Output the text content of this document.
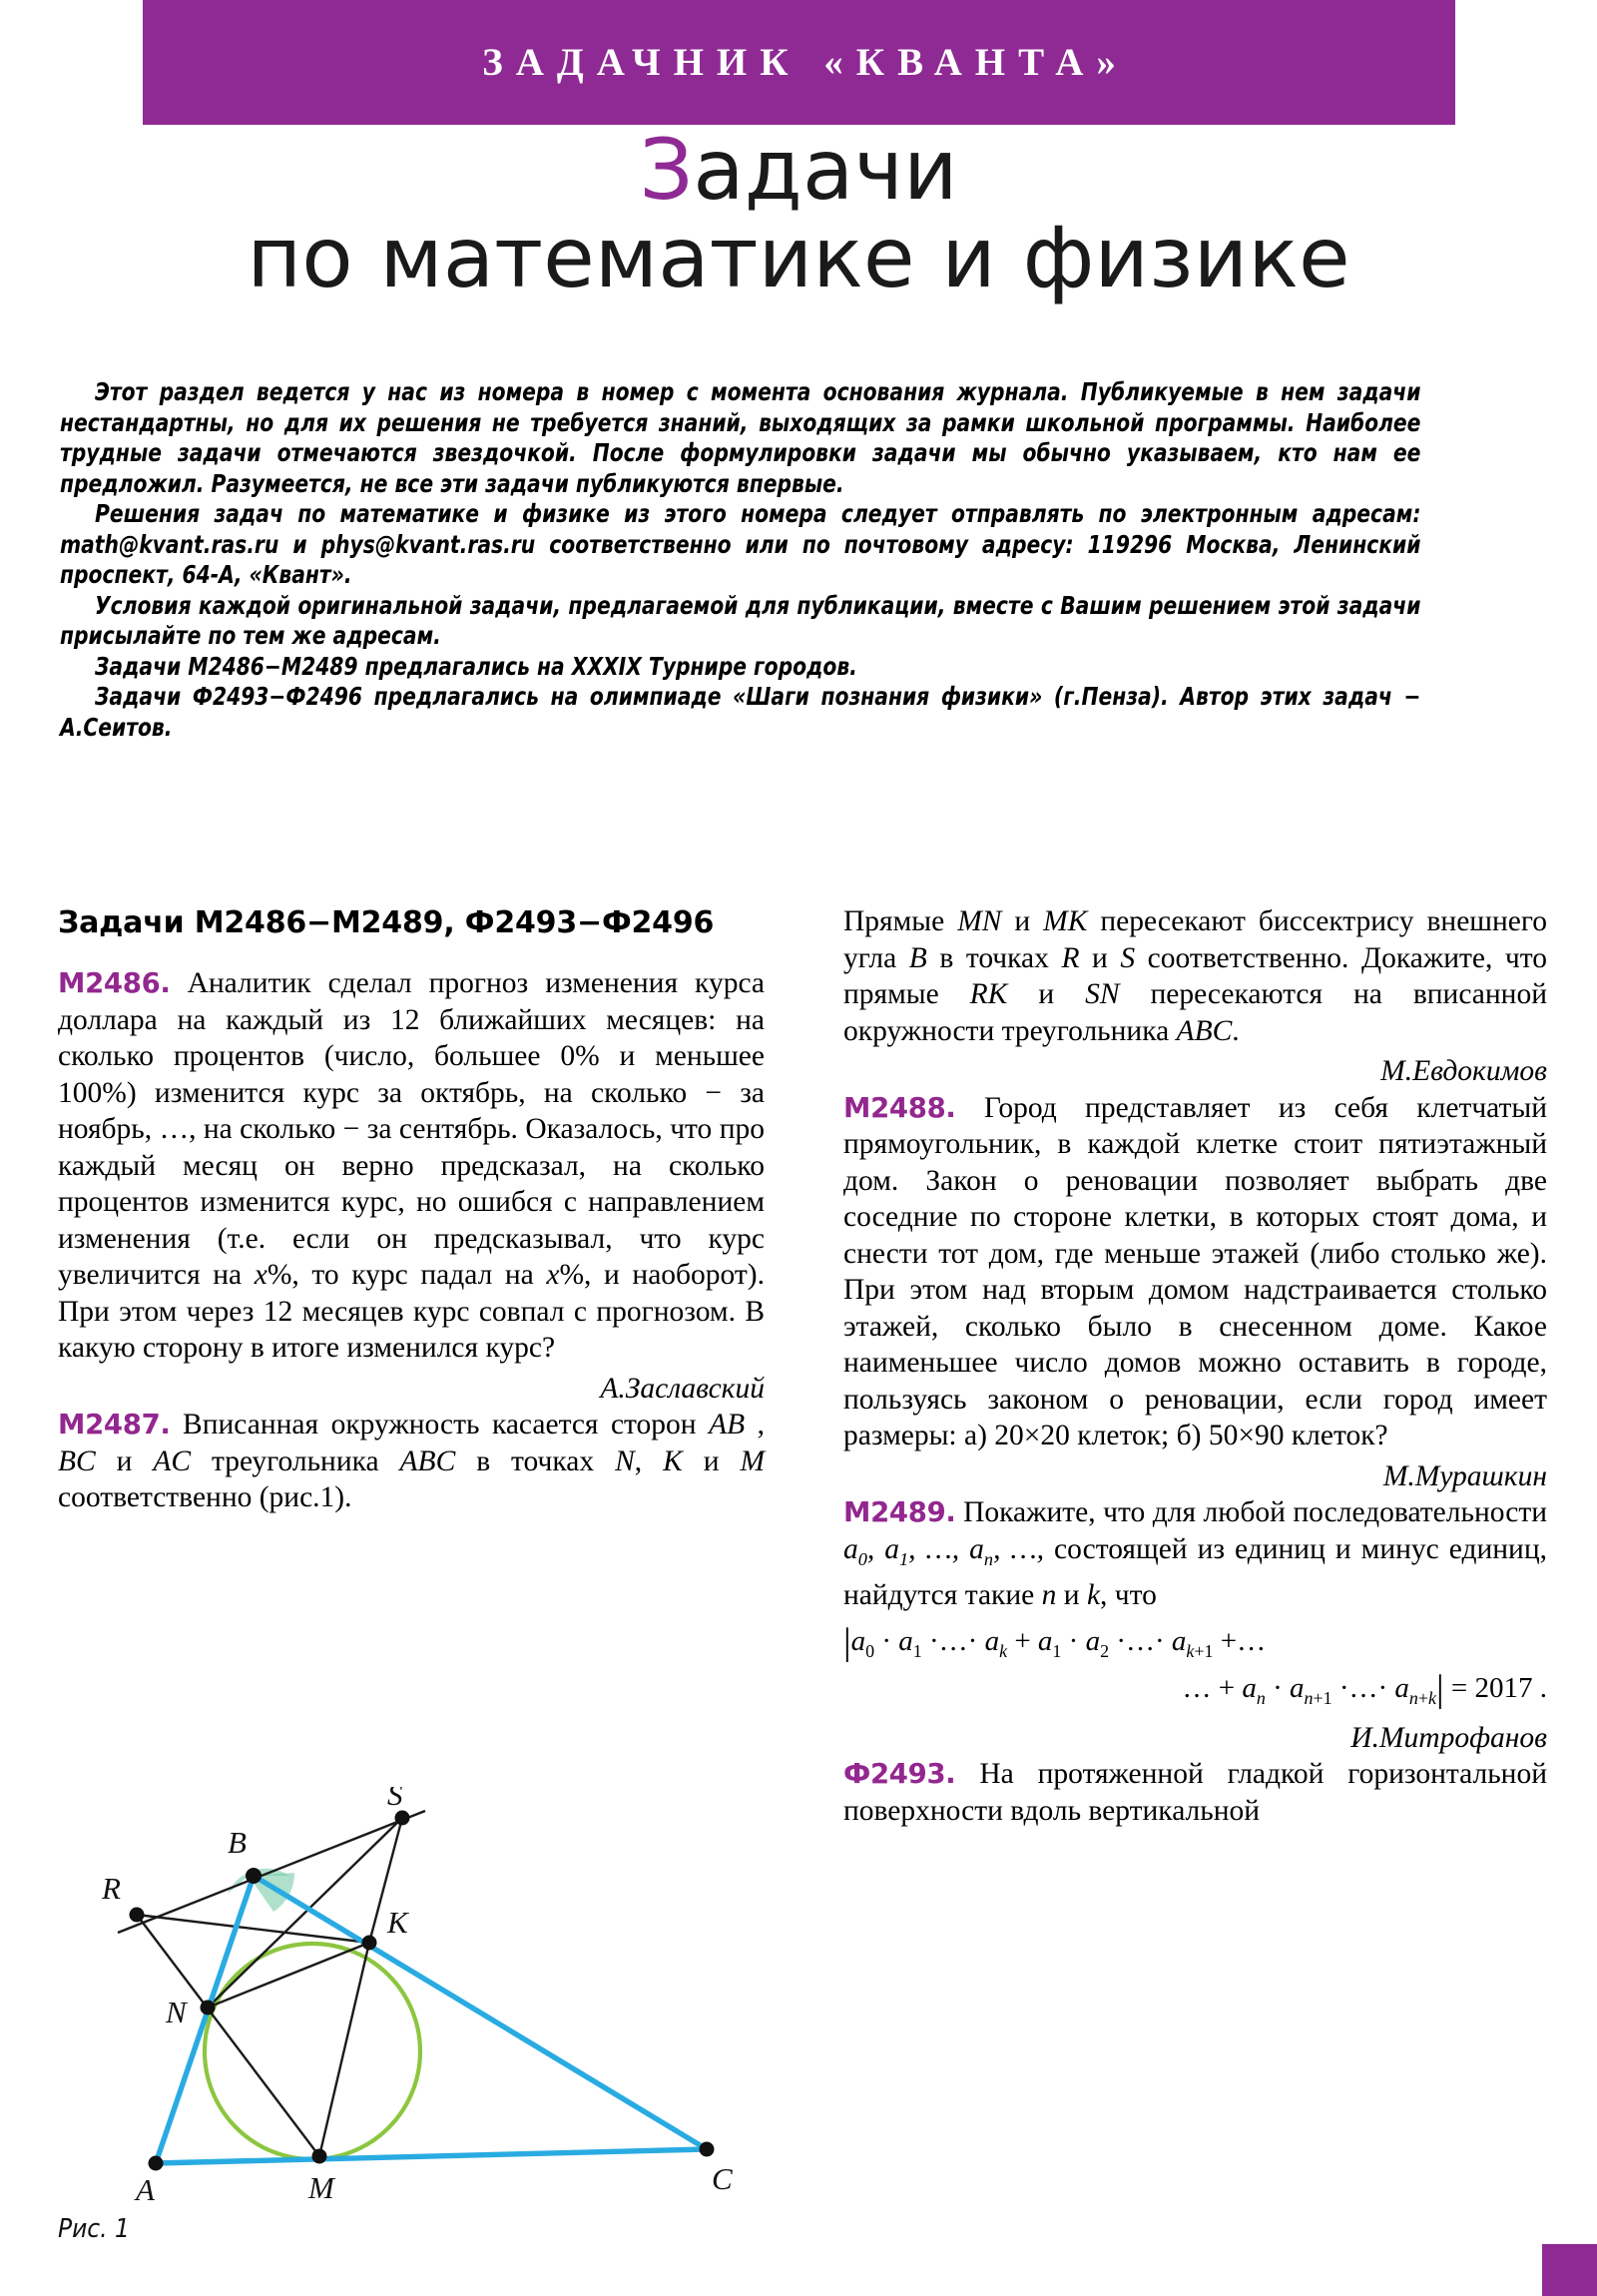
ЗАДАЧНИК «КВАНТА»
Задачи
по математике и физике

Этот раздел ведется у нас из номера в номер с момента основания журнала. Публикуемые в нем задачи нестандартны, но для их решения не требуется знаний, выходящих за рамки школьной программы. Наиболее трудные задачи отмечаются звездочкой. После формулировки задачи мы обычно указываем, кто нам ее предложил. Разумеется, не все эти задачи публикуются впервые.

Решения задач по математике и физике из этого номера следует отправлять по электронным адресам: math@kvant.ras.ru и phys@kvant.ras.ru соответственно или по почтовому адресу: 119296 Москва, Ленинский проспект, 64-А, «Квант».

Условия каждой оригинальной задачи, предлагаемой для публикации, вместе с Вашим решением этой задачи присылайте по тем же адресам.

Задачи М2486−М2489 предлагались на XXXIX Турнире городов.

Задачи Ф2493−Ф2496 предлагались на олимпиаде «Шаги познания физики» (г.Пенза). Автор этих задач − А.Сеитов.

Задачи М2486−М2489, Ф2493−Ф2496

М2486. Аналитик сделал прогноз изменения курса доллара на каждый из 12 ближайших месяцев: на сколько процентов (число, большее 0% и меньшее 100%) изменится курс за октябрь, на сколько − за ноябрь, …, на сколько − за сентябрь. Оказалось, что про каждый месяц он верно предсказал, на сколько процентов изменится курс, но ошибся с направлением изменения (т.е. если он предсказывал, что курс увеличится на x%, то курс падал на x%, и наоборот). При этом через 12 месяцев курс совпал с прогнозом. В какую сторону в итоге изменился курс?

А.Заславский

М2487. Вписанная окружность касается сторон AB , BC и AC треугольника ABC в точках N, K и M соответственно (рис.1).

A
B
C
R
S
K
N
M
Рис. 1

Прямые MN и MK пересекают биссектрису внешнего угла B в точках R и S соответственно. Докажите, что прямые RK и SN пересекаются на вписанной окружности треугольника ABC.

М.Евдокимов

М2488. Город представляет из себя клетчатый прямоугольник, в каждой клетке стоит пятиэтажный дом. Закон о реновации позволяет выбрать две соседние по стороне клетки, в которых стоят дома, и снести тот дом, где меньше этажей (либо столько же). При этом над вторым домом надстраивается столько этажей, сколько было в снесенном доме. Какое наименьшее число домов можно оставить в городе, пользуясь законом о реновации, если город имеет размеры: а) 20×20 клеток; б) 50×90 клеток?

М.Мурашкин

М2489. Покажите, что для любой последовательности $a_0$, $a_1$, …, $a_n$, …, состоящей из единиц и минус единиц, найдутся такие n и k, что

$|a_0 \cdot a_1$ ·…· $a_k + a_1 \cdot a_2$ ·…· $a_{k+1}$ +…
… + $a_n \cdot a_{n+1}$ ·…· $a_{n+k}| = 2017$ .

И.Митрофанов

Ф2493. На протяженной гладкой горизонтальной поверхности вдоль вертикальной
